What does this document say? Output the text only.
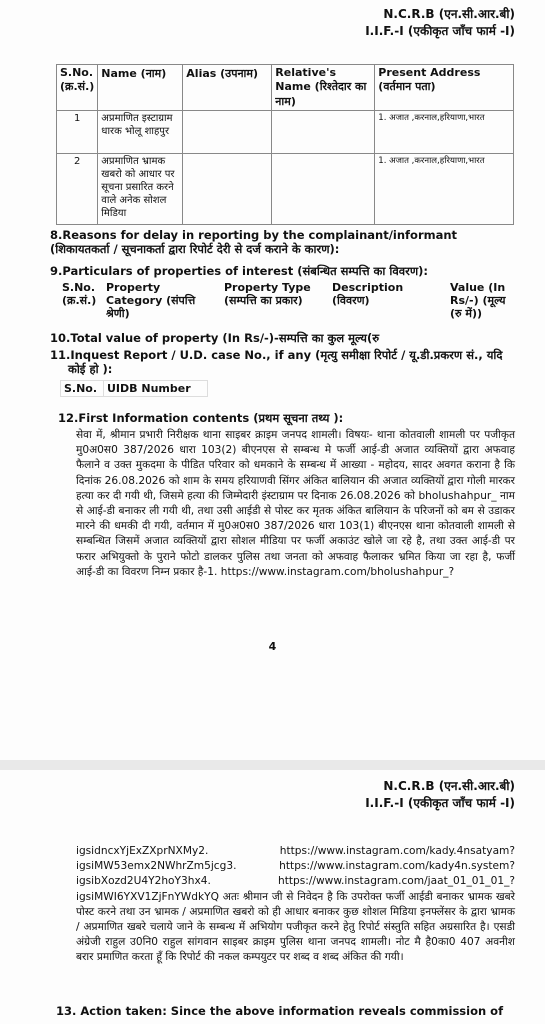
N.C.R.B (एन.सी.आर.बी)
I.I.F.-I (एकीकृत जाँच फार्म -I)
S.No. (क्र.सं.)	Name (नाम)	Alias (उपनाम)	Relative's Name (रिश्तेदार का नाम)	Present Address (वर्तमान पता)
1	अप्रमाणित इस्टाग्राम धारक भोलू शाहपुर			1. अजात ,करनाल,हरियाणा,भारत
2	अप्रमाणित भ्रामक खबरो को आधार पर सूचना प्रसारित करने वाले अनेक सोशल मिडिया			1. अजात ,करनाल,हरियाणा,भारत
8.Reasons for delay in reporting by the complainant/informant
(शिकायतकर्ता / सूचनाकर्ता द्वारा रिपोर्ट देरी से दर्ज कराने के कारण):
9.Particulars of properties of interest (संबन्धित सम्पत्ति का विवरण):
S.No. (क्र.सं.)	Property Category (संपत्ति श्रेणी)	Property Type (सम्पत्ति का प्रकार)	Description (विवरण)	Value (In Rs/-) (मूल्य (रु में))
10.Total value of property (In Rs/-)-सम्पत्ति का कुल मूल्य(रु
11.Inquest Report / U.D. case No., if any (मृत्यु समीक्षा रिपोर्ट / यू.डी.प्रकरण सं., यदि
कोई हो ):
S.No.	UIDB Number
12.First Information contents (प्रथम सूचना तथ्य ):
सेवा में, श्रीमान प्रभारी निरीक्षक थाना साइबर क्राइम जनपद शामली। विषयः- थाना कोतवाली शामली पर पजीकृत मु0अ0स0 387/2026 धारा 103(2) बीएनएस से सम्बन्ध मे फर्जी आई-डी अजात व्यक्तियों द्वारा अफवाह फैलाने व उक्त मुकदमा के पीडित परिवार को धमकाने के सम्बन्ध में आख्या - महोदय, सादर अवगत कराना है कि दिनांक 26.08.2026 को शाम के समय हरियाणवी सिंगर अंकित बालियान की अजात व्यक्तियों द्वारा गोली मारकर हत्या कर दी गयी थी, जिसमे हत्या की जिम्मेदारी इंस्टाग्राम पर दिनाक 26.08.2026 को bholushahpur_ नाम से आई-डी बनाकर ली गयी थी, तथा उसी आईडी से पोस्ट कर मृतक अंकित बालियान के परिजनों को बम से उडाकर मारने की धमकी दी गयी, वर्तमान में मु0अ0स0 387/2026 धारा 103(1) बीएनएस थाना कोतवाली शामली से सम्बन्धित जिसमें अजात व्यक्तियों द्वारा सोशल मीडिया पर फर्जी अकाउंट खोले जा रहे है, तथा उक्त आई-डी पर फरार अभियुक्तो के पुराने फोटो डालकर पुलिस तथा जनता को अफवाह फैलाकर भ्रमित किया जा रहा है, फर्जी आई-डी का विवरण निम्न प्रकार है-1. https://www.instagram.com/bholushahpur_?
4
N.C.R.B (एन.सी.आर.बी)
I.I.F.-I (एकीकृत जाँच फार्म -I)
igsidncxYjExZXprNXMy2. https://www.instagram.com/kady.4nsatyam?igsiMW53emx2NWhrZm5jcg3. https://www.instagram.com/kady4n.system?igsibXozd2U4Y2hoY3hx4. https://www.instagram.com/jaat_01_01_01_?igsiMWI6YXV1ZjFnYWdkYQ अतः श्रीमान जी से निवेदन है कि उपरोक्त फर्जी आईडी बनाकर भ्रामक खबरे पोस्ट करने तथा उन भ्रामक / अप्रमाणित खबरो को ही आधार बनाकर कुछ शोशल मिडिया इनफ्लेंसर के द्वारा भ्रामक / अप्रमाणित खबरे चलाये जाने के सम्बन्ध में अभियोग पजीकृत करने हेतु रिपोर्ट संस्तुति सहित अग्रसारित है। एसडी अंग्रेजी राहुल उ0नि0 राहुल सांगवान साइबर क्राइम पुलिस थाना जनपद शामली। नोट मै है0का0 407 अवनीश बरार प्रमाणित करता हूँ कि रिपोर्ट की नकल कम्पयुटर पर शब्द व शब्द अंकित की गयी।
13. Action taken: Since the above information reveals commission of
